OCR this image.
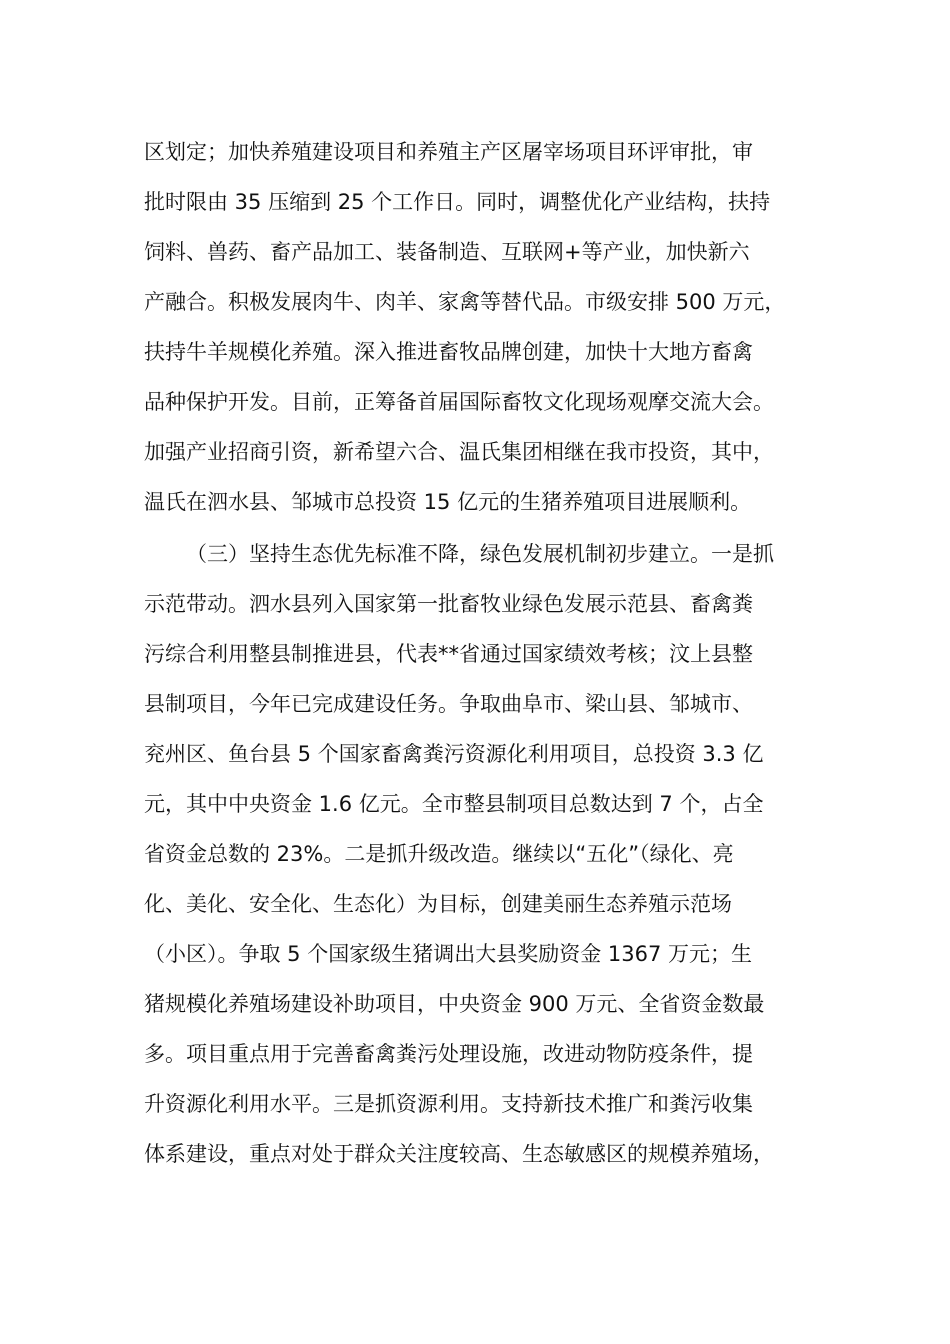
区划定；加快养殖建设项目和养殖主产区屠宰场项目环评审批，审
批时限由 35 压缩到 25 个工作日。同时，调整优化产业结构，扶持
饲料、兽药、畜产品加工、装备制造、互联网+等产业，加快新六
产融合。积极发展肉牛、肉羊、家禽等替代品。市级安排 500 万元，
扶持牛羊规模化养殖。深入推进畜牧品牌创建，加快十大地方畜禽
品种保护开发。目前，正筹备首届国际畜牧文化现场观摩交流大会。
加强产业招商引资，新希望六合、温氏集团相继在我市投资，其中，
温氏在泗水县、邹城市总投资 15 亿元的生猪养殖项目进展顺利。
（三）坚持生态优先标准不降，绿色发展机制初步建立。一是抓
示范带动。泗水县列入国家第一批畜牧业绿色发展示范县、畜禽粪
污综合利用整县制推进县，代表**省通过国家绩效考核；汶上县整
县制项目，今年已完成建设任务。争取曲阜市、梁山县、邹城市、
兖州区、鱼台县 5 个国家畜禽粪污资源化利用项目，总投资 3.3 亿
元，其中中央资金 1.6 亿元。全市整县制项目总数达到 7 个，占全
省资金总数的 23%。二是抓升级改造。继续以“五化”（绿化、亮
化、美化、安全化、生态化）为目标，创建美丽生态养殖示范场
（小区）。争取 5 个国家级生猪调出大县奖励资金 1367 万元；生
猪规模化养殖场建设补助项目，中央资金 900 万元、全省资金数最
多。项目重点用于完善畜禽粪污处理设施，改进动物防疫条件，提
升资源化利用水平。三是抓资源利用。支持新技术推广和粪污收集
体系建设，重点对处于群众关注度较高、生态敏感区的规模养殖场，
